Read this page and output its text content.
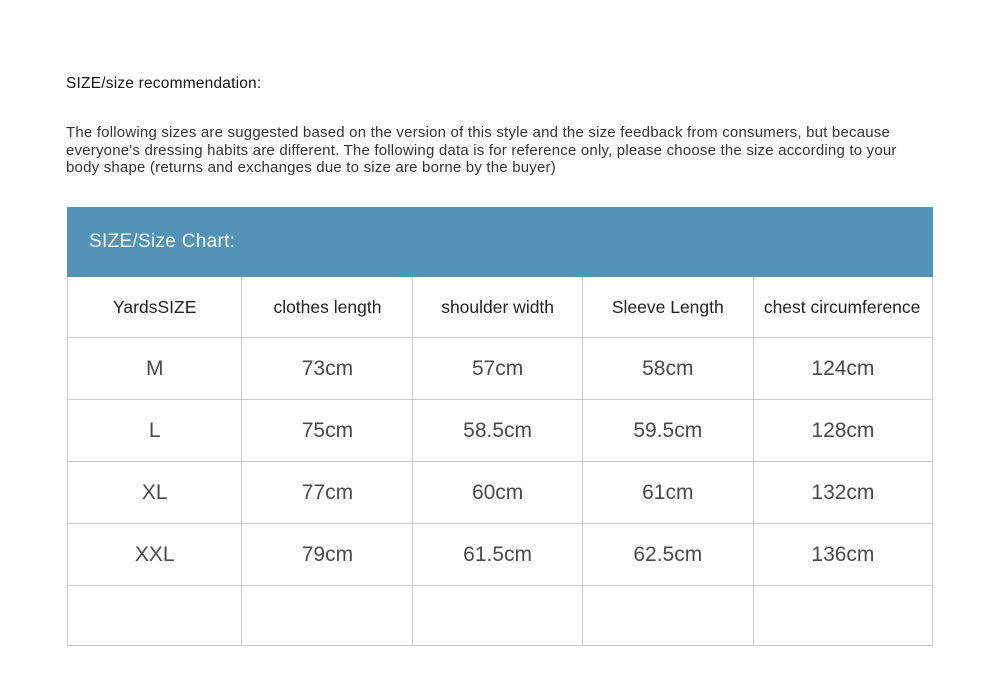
SIZE/size recommendation:

The following sizes are suggested based on the version of this style and the size feedback from consumers, but because everyone's dressing habits are different. The following data is for reference only, please choose the size according to your body shape (returns and exchanges due to size are borne by the buyer)

SIZE/Size Chart:
YardsSIZE	clothes length	shoulder width	Sleeve Length	chest circumference
M	73cm	57cm	58cm	124cm
L	75cm	58.5cm	59.5cm	128cm
XL	77cm	60cm	61cm	132cm
XXL	79cm	61.5cm	62.5cm	136cm
